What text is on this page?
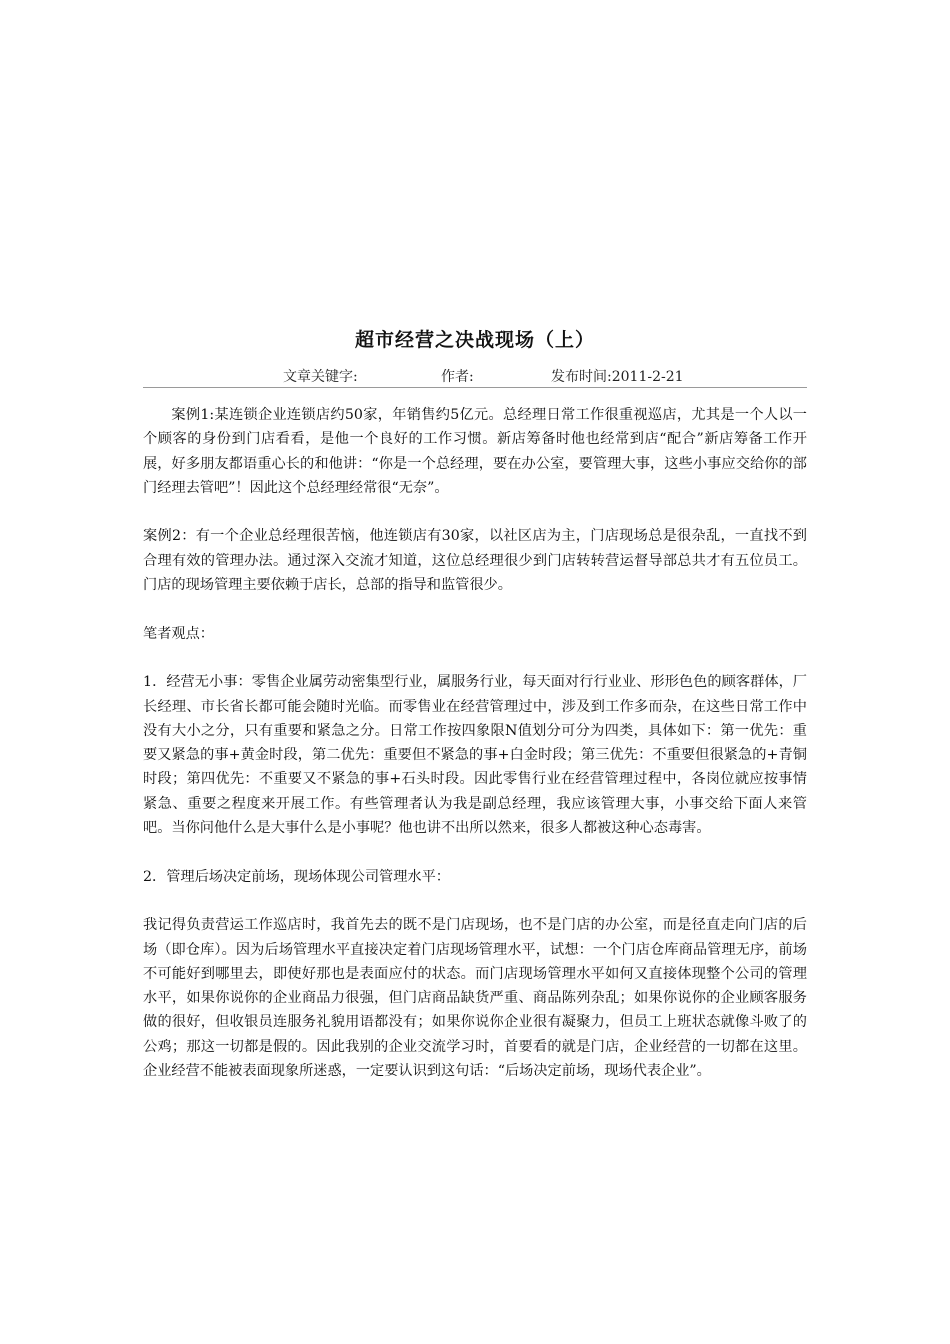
超市经营之决战现场（上）
文章关键字:	作者:	发布时间:2011-2-21

案例1:某连锁企业连锁店约50家，年销售约5亿元。总经理日常工作很重视巡店，尤其是一个人以一个顾客的身份到门店看看，是他一个良好的工作习惯。新店筹备时他也经常到店“配合”新店筹备工作开展，好多朋友都语重心长的和他讲：“你是一个总经理，要在办公室，要管理大事，这些小事应交给你的部门经理去管吧”！因此这个总经理经常很“无奈”。

案例2：有一个企业总经理很苦恼，他连锁店有30家，以社区店为主，门店现场总是很杂乱，一直找不到合理有效的管理办法。通过深入交流才知道，这位总经理很少到门店转转营运督导部总共才有五位员工。门店的现场管理主要依赖于店长，总部的指导和监管很少。

笔者观点：

1．经营无小事：零售企业属劳动密集型行业，属服务行业，每天面对行行业业、形形色色的顾客群体，厂长经理、市长省长都可能会随时光临。而零售业在经营管理过中，涉及到工作多而杂，在这些日常工作中没有大小之分，只有重要和紧急之分。日常工作按四象限N值划分可分为四类，具体如下：第一优先：重要又紧急的事+黄金时段，第二优先：重要但不紧急的事+白金时段；第三优先：不重要但很紧急的+青铜时段；第四优先：不重要又不紧急的事+石头时段。因此零售行业在经营管理过程中，各岗位就应按事情紧急、重要之程度来开展工作。有些管理者认为我是副总经理，我应该管理大事，小事交给下面人来管吧。当你问他什么是大事什么是小事呢？他也讲不出所以然来，很多人都被这种心态毒害。

2．管理后场决定前场，现场体现公司管理水平：

我记得负责营运工作巡店时，我首先去的既不是门店现场，也不是门店的办公室，而是径直走向门店的后场（即仓库）。因为后场管理水平直接决定着门店现场管理水平，试想：一个门店仓库商品管理无序，前场不可能好到哪里去，即使好那也是表面应付的状态。而门店现场管理水平如何又直接体现整个公司的管理水平，如果你说你的企业商品力很强，但门店商品缺货严重、商品陈列杂乱；如果你说你的企业顾客服务做的很好，但收银员连服务礼貌用语都没有；如果你说你企业很有凝聚力，但员工上班状态就像斗败了的公鸡；那这一切都是假的。因此我别的企业交流学习时，首要看的就是门店，企业经营的一切都在这里。企业经营不能被表面现象所迷惑，一定要认识到这句话：“后场决定前场，现场代表企业”。
